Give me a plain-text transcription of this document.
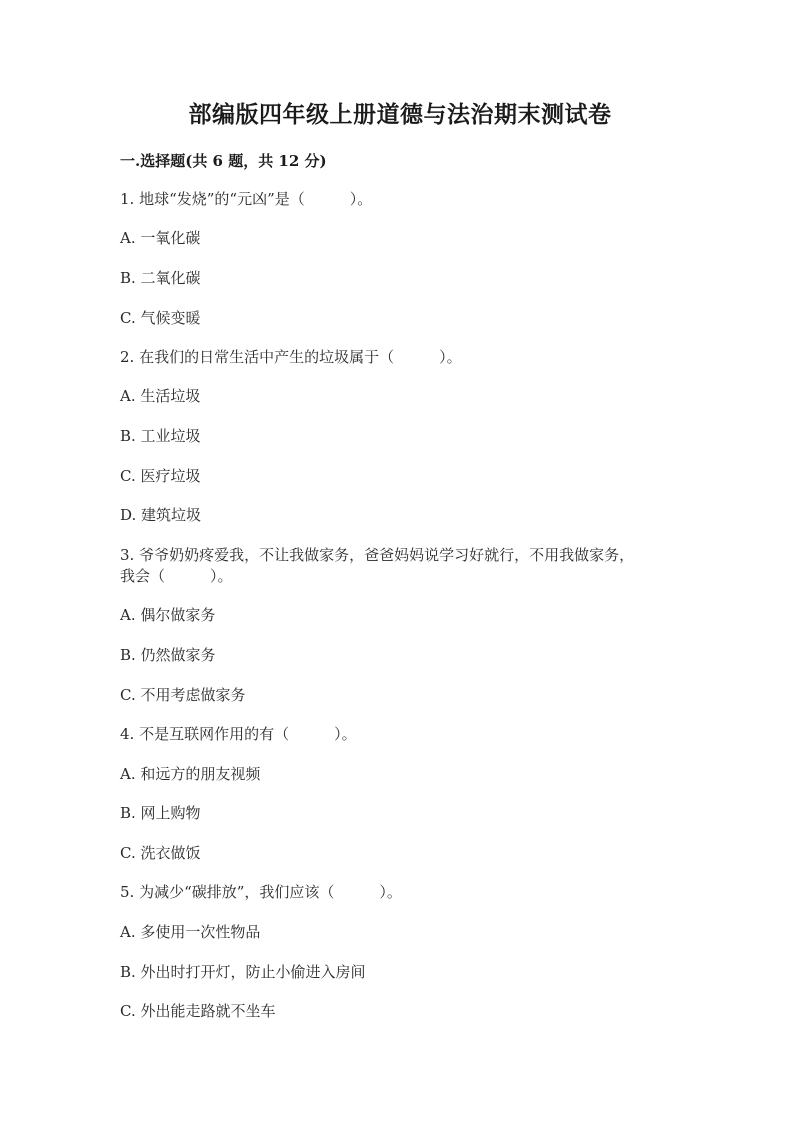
部编版四年级上册道德与法治期末测试卷
一.选择题(共 6 题，共 12 分)
1. 地球“发烧”的“元凶”是（　　　）。
A. 一氧化碳
B. 二氧化碳
C. 气候变暖
2. 在我们的日常生活中产生的垃圾属于（　　　）。
A. 生活垃圾
B. 工业垃圾
C. 医疗垃圾
D. 建筑垃圾
3. 爷爷奶奶疼爱我，不让我做家务，爸爸妈妈说学习好就行，不用我做家务，
我会（　　　）。
A. 偶尔做家务
B. 仍然做家务
C. 不用考虑做家务
4. 不是互联网作用的有（　　　）。
A. 和远方的朋友视频
B. 网上购物
C. 洗衣做饭
5. 为减少“碳排放”，我们应该（　　　）。
A. 多使用一次性物品
B. 外出时打开灯，防止小偷进入房间
C. 外出能走路就不坐车
